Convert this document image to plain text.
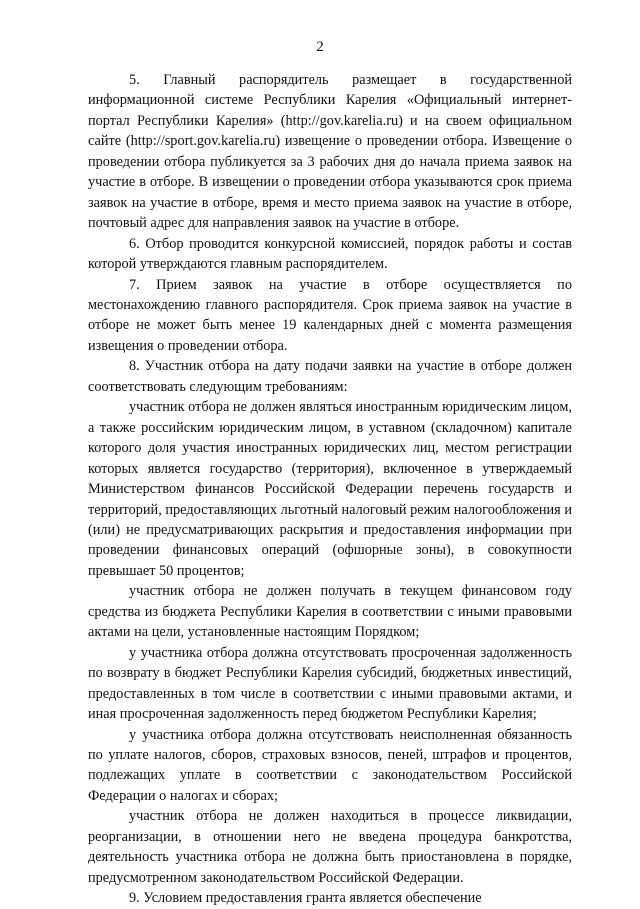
2

5. Главный распорядитель размещает в государственной информационной системе Республики Карелия «Официальный интернет-портал Республики Карелия» (http://gov.karelia.ru) и на своем официальном сайте (http://sport.gov.karelia.ru) извещение о проведении отбора. Извещение о проведении отбора публикуется за 3 рабочих дня до начала приема заявок на участие в отборе. В извещении о проведении отбора указываются срок приема заявок на участие в отборе, время и место приема заявок на участие в отборе, почтовый адрес для направления заявок на участие в отборе.

6. Отбор проводится конкурсной комиссией, порядок работы и состав которой утверждаются главным распорядителем.

7. Прием заявок на участие в отборе осуществляется по местонахождению главного распорядителя. Срок приема заявок на участие в отборе не может быть менее 19 календарных дней с момента размещения извещения о проведении отбора.

8. Участник отбора на дату подачи заявки на участие в отборе должен соответствовать следующим требованиям:

участник отбора не должен являться иностранным юридическим лицом, а также российским юридическим лицом, в уставном (складочном) капитале которого доля участия иностранных юридических лиц, местом регистрации которых является государство (территория), включенное в утверждаемый Министерством финансов Российской Федерации перечень государств и территорий, предоставляющих льготный налоговый режим налогообложения и (или) не предусматривающих раскрытия и предоставления информации при проведении финансовых операций (офшорные зоны), в совокупности превышает 50 процентов;

участник отбора не должен получать в текущем финансовом году средства из бюджета Республики Карелия в соответствии с иными правовыми актами на цели, установленные настоящим Порядком;

у участника отбора должна отсутствовать просроченная задолженность по возврату в бюджет Республики Карелия субсидий, бюджетных инвестиций, предоставленных в том числе в соответствии с иными правовыми актами, и иная просроченная задолженность перед бюджетом Республики Карелия;

у участника отбора должна отсутствовать неисполненная обязанность по уплате налогов, сборов, страховых взносов, пеней, штрафов и процентов, подлежащих уплате в соответствии с законодательством Российской Федерации о налогах и сборах;

участник отбора не должен находиться в процессе ликвидации, реорганизации, в отношении него не введена процедура банкротства, деятельность участника отбора не должна быть приостановлена в порядке, предусмотренном законодательством Российской Федерации.

9. Условием предоставления гранта является обеспечение
